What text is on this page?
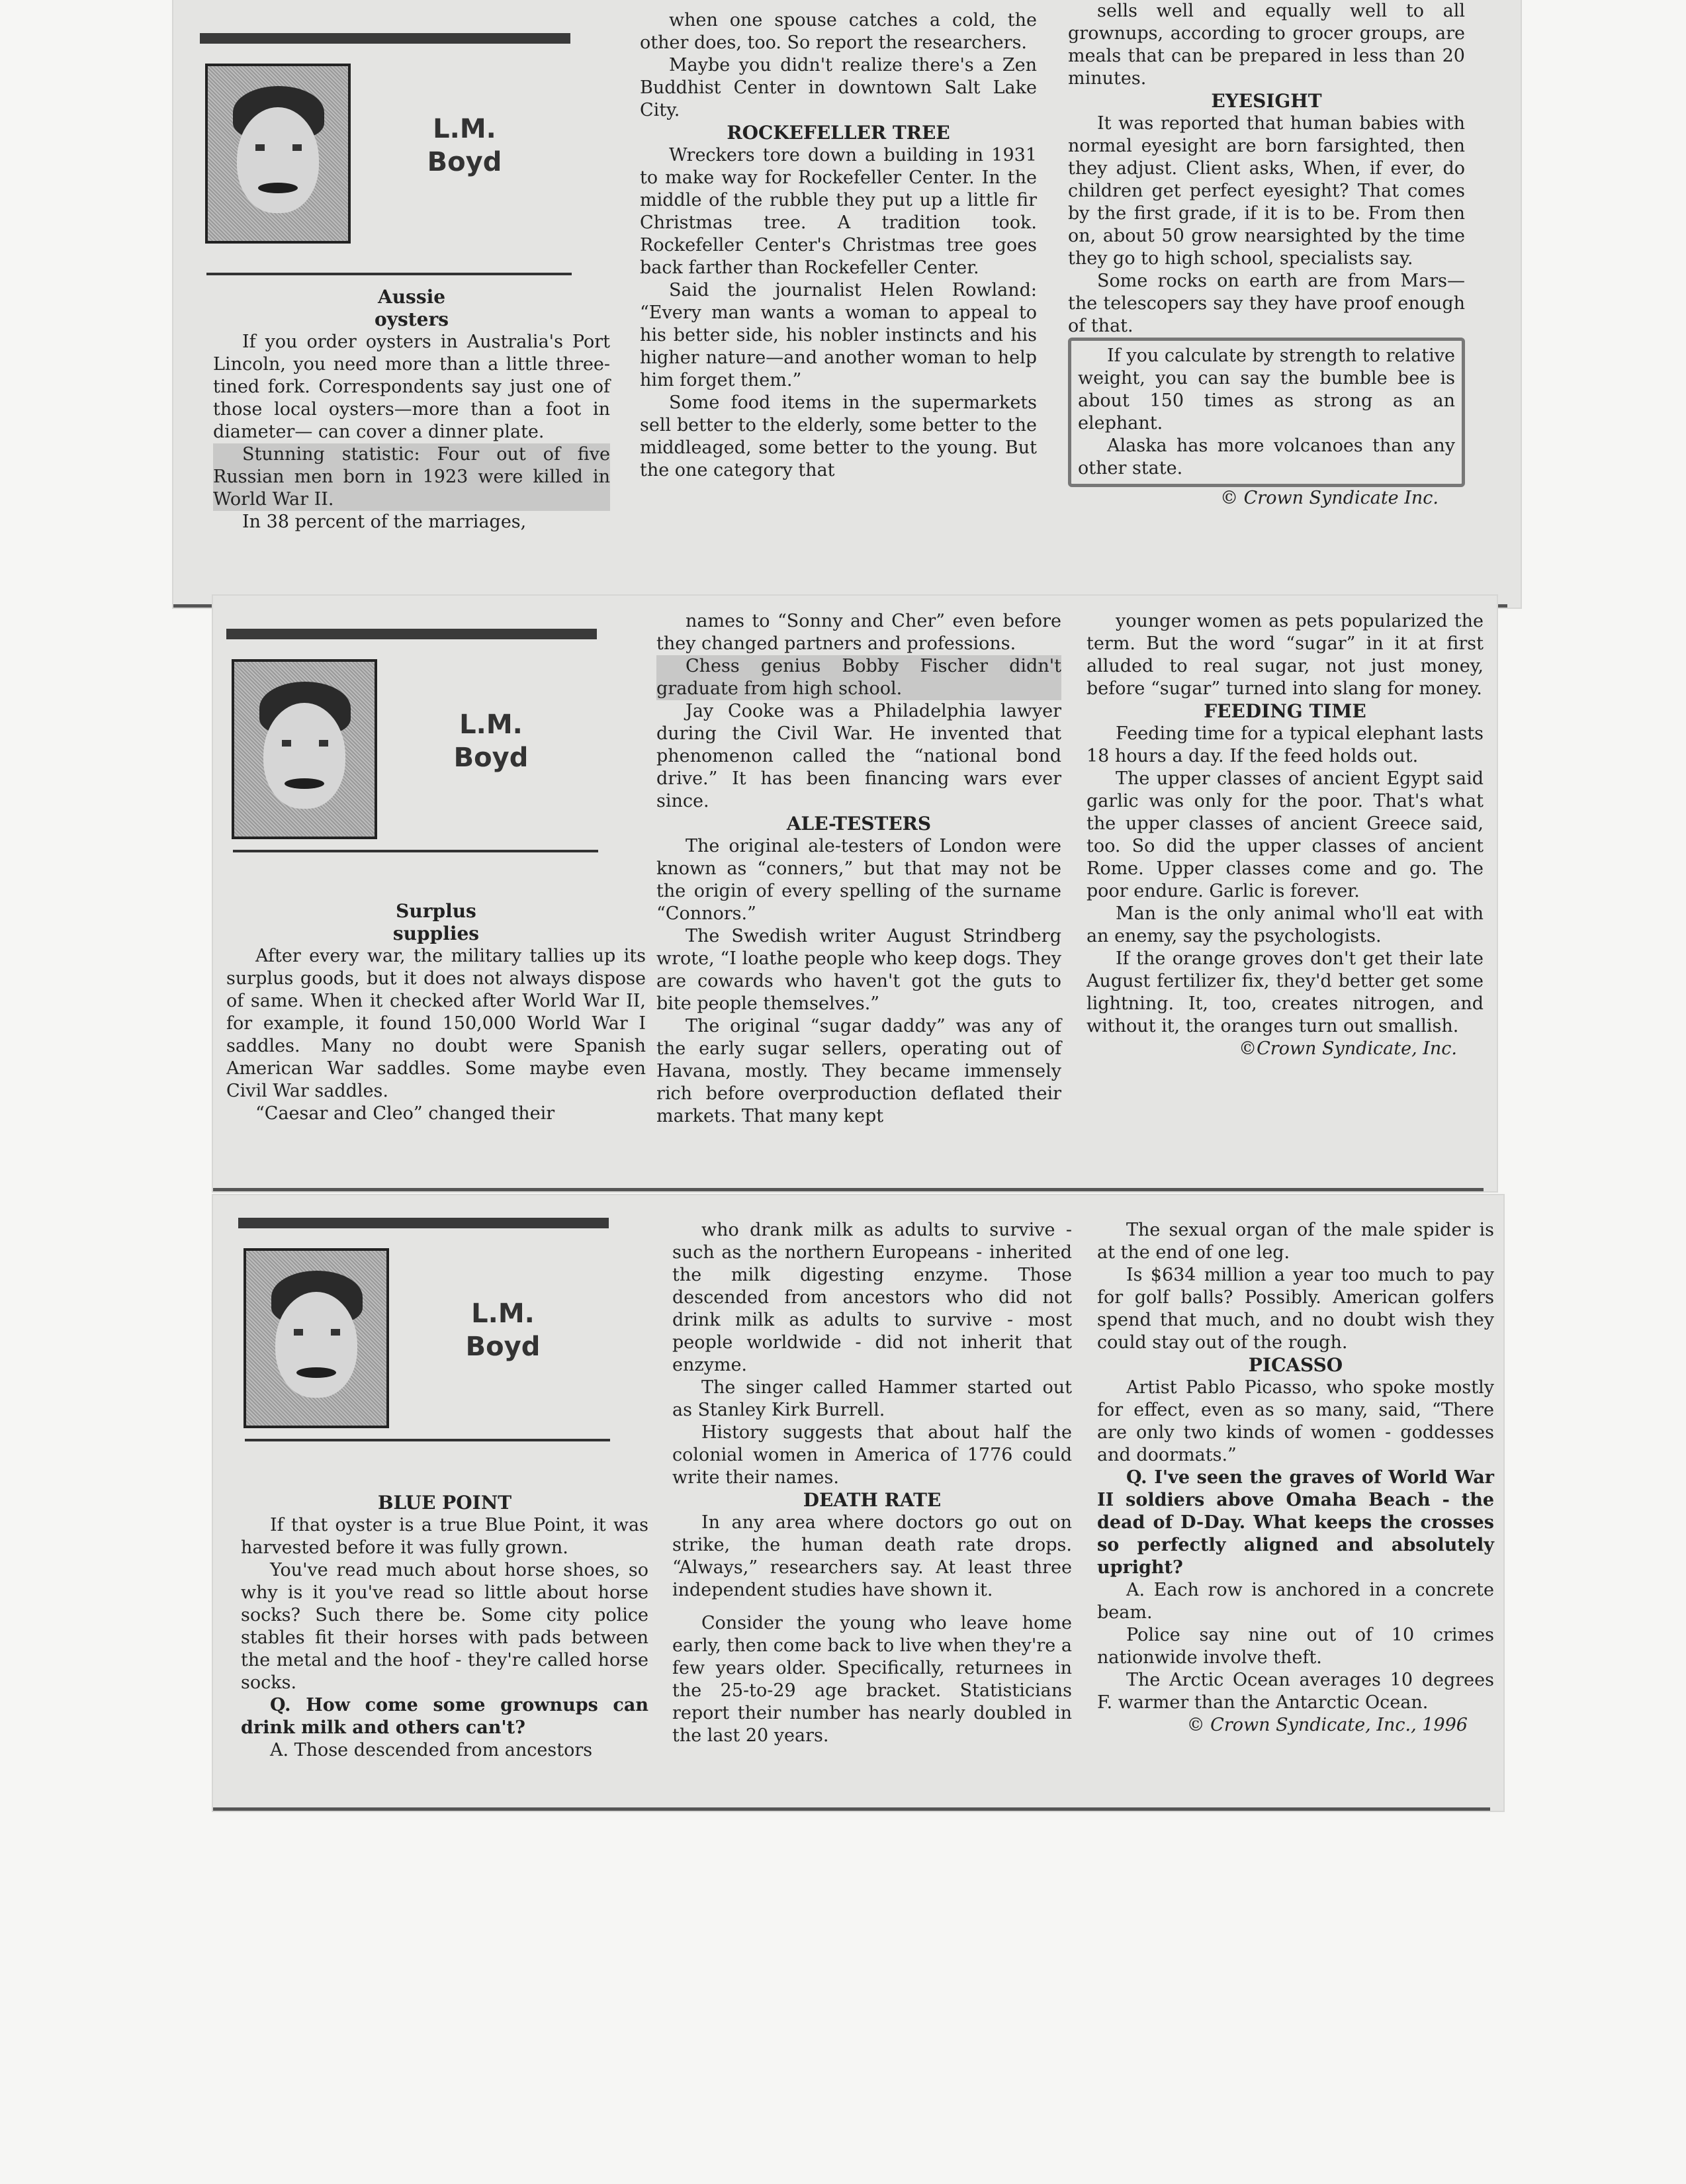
L.M. Boyd
Aussie
oysters

If you order oysters in Australia's Port Lincoln, you need more than a little three-tined fork. Correspondents say just one of those local oysters—more than a foot in diameter— can cover a dinner plate.

Stunning statistic: Four out of five Russian men born in 1923 were killed in World War II.

In 38 percent of the marriages,

when one spouse catches a cold, the other does, too. So report the researchers.

Maybe you didn't realize there's a Zen Buddhist Center in downtown Salt Lake City.

ROCKEFELLER TREE

Wreckers tore down a building in 1931 to make way for Rockefeller Center. In the middle of the rubble they put up a little fir Christmas tree. A tradition took. Rockefeller Center's Christmas tree goes back farther than Rockefeller Center.

Said the journalist Helen Rowland: “Every man wants a woman to appeal to his better side, his nobler instincts and his higher nature—and another woman to help him forget them.”

Some food items in the supermarkets sell better to the elderly, some better to the middleaged, some better to the young. But the one category that

sells well and equally well to all grownups, according to grocer groups, are meals that can be prepared in less than 20 minutes.

EYESIGHT

It was reported that human babies with normal eyesight are born farsighted, then they adjust. Client asks, When, if ever, do children get perfect eyesight? That comes by the first grade, if it is to be. From then on, about 50 grow nearsighted by the time they go to high school, specialists say.

Some rocks on earth are from Mars—the telescopers say they have proof enough of that.

If you calculate by strength to relative weight, you can say the bumble bee is about 150 times as strong as an elephant.

Alaska has more volcanoes than any other state.

© Crown Syndicate Inc.

L.M. Boyd
Surplus
supplies

After every war, the military tallies up its surplus goods, but it does not always dispose of same. When it checked after World War II, for example, it found 150,000 World War I saddles. Many no doubt were Spanish American War saddles. Some maybe even Civil War saddles.

“Caesar and Cleo” changed their

names to “Sonny and Cher” even before they changed partners and professions.

Chess genius Bobby Fischer didn't graduate from high school.

Jay Cooke was a Philadelphia lawyer during the Civil War. He invented that phenomenon called the “national bond drive.” It has been financing wars ever since.

ALE-TESTERS

The original ale-testers of London were known as “conners,” but that may not be the origin of every spelling of the surname “Connors.”

The Swedish writer August Strindberg wrote, “I loathe people who keep dogs. They are cowards who haven't got the guts to bite people themselves.”

The original “sugar daddy” was any of the early sugar sellers, operating out of Havana, mostly. They became immensely rich before overproduction deflated their markets. That many kept

younger women as pets popularized the term. But the word “sugar” in it at first alluded to real sugar, not just money, before “sugar” turned into slang for money.

FEEDING TIME

Feeding time for a typical elephant lasts 18 hours a day. If the feed holds out.

The upper classes of ancient Egypt said garlic was only for the poor. That's what the upper classes of ancient Greece said, too. So did the upper classes of ancient Rome. Upper classes come and go. The poor endure. Garlic is forever.

Man is the only animal who'll eat with an enemy, say the psychologists.

If the orange groves don't get their late August fertilizer fix, they'd better get some lightning. It, too, creates nitrogen, and without it, the oranges turn out smallish.

©Crown Syndicate, Inc.

L.M. Boyd
BLUE POINT

If that oyster is a true Blue Point, it was harvested before it was fully grown.

You've read much about horse shoes, so why is it you've read so little about horse socks? Such there be. Some city police stables fit their horses with pads between the metal and the hoof - they're called horse socks.

Q. How come some grownups can drink milk and others can't?

A. Those descended from ancestors

who drank milk as adults to survive - such as the northern Europeans - inherited the milk digesting enzyme. Those descended from ancestors who did not drink milk as adults to survive - most people worldwide - did not inherit that enzyme.

The singer called Hammer started out as Stanley Kirk Burrell.

History suggests that about half the colonial women in America of 1776 could write their names.

DEATH RATE

In any area where doctors go out on strike, the human death rate drops. “Always,” researchers say. At least three independent studies have shown it.

Consider the young who leave home early, then come back to live when they're a few years older. Specifically, returnees in the 25-to-29 age bracket. Statisticians report their number has nearly doubled in the last 20 years.

The sexual organ of the male spider is at the end of one leg.

Is $634 million a year too much to pay for golf balls? Possibly. American golfers spend that much, and no doubt wish they could stay out of the rough.

PICASSO

Artist Pablo Picasso, who spoke mostly for effect, even as so many, said, “There are only two kinds of women - goddesses and doormats.”

Q. I've seen the graves of World War II soldiers above Omaha Beach - the dead of D-Day. What keeps the crosses so perfectly aligned and absolutely upright?

A. Each row is anchored in a concrete beam.

Police say nine out of 10 crimes nationwide involve theft.

The Arctic Ocean averages 10 degrees F. warmer than the Antarctic Ocean.

© Crown Syndicate, Inc., 1996
